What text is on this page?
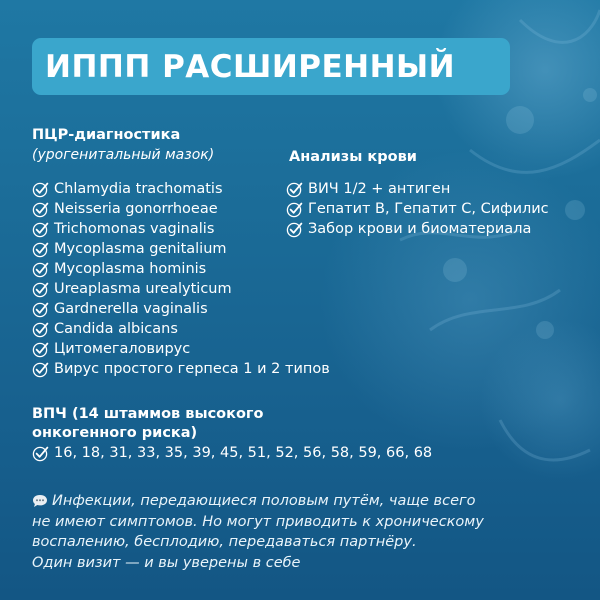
ИППП РАСШИРЕННЫЙ
ПЦР-диагностика
(урогенитальный мазок)
Chlamydia trachomatis
Neisseria gonorrhoeae
Trichomonas vaginalis
Mycoplasma genitalium
Mycoplasma hominis
Ureaplasma urealyticum
Gardnerella vaginalis
Candida albicans
Цитомегаловирус
Вирус простого герпеса 1 и 2 типов
Анализы крови
ВИЧ 1/2 + антиген
Гепатит В, Гепатит С, Сифилис
Забор крови и биоматериала
ВПЧ (14 штаммов высокого
онкогенного риска)
16, 18, 31, 33, 35, 39, 45, 51, 52, 56, 58, 59, 66, 68
Инфекции, передающиеся половым путём, чаще всего
не имеют симптомов. Но могут приводить к хроническому
воспалению, бесплодию, передаваться партнёру.
Один визит — и вы уверены в себе
